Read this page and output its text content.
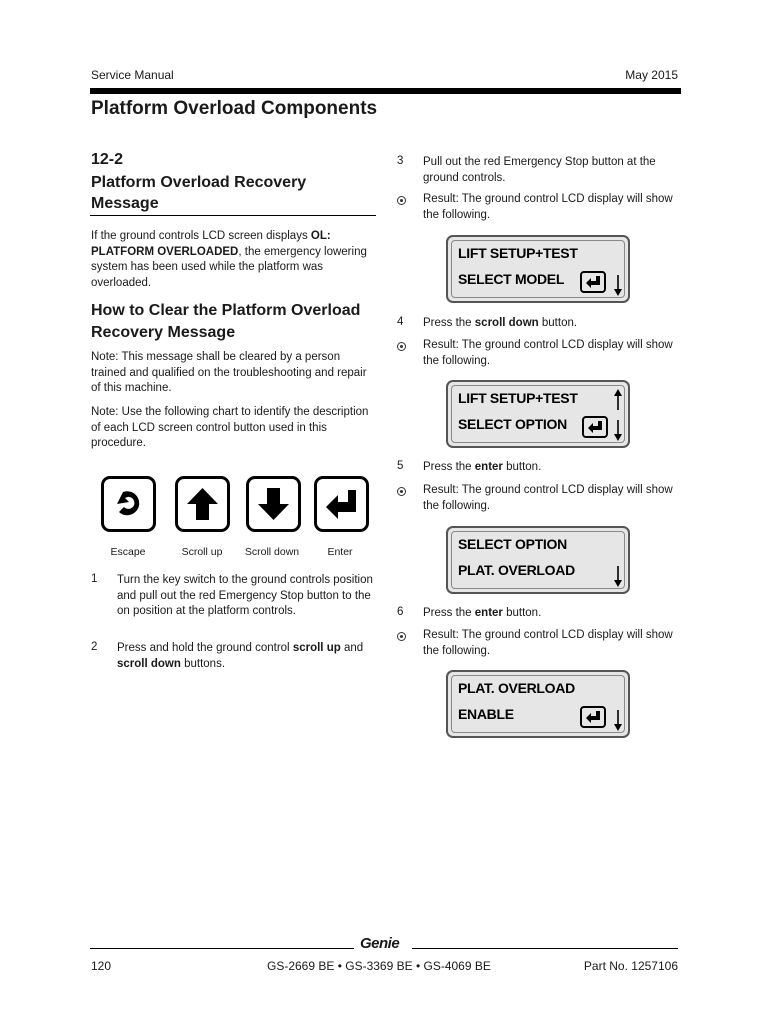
Service Manual	May 2015
Platform Overload Components
12-2
Platform Overload Recovery Message
If the ground controls LCD screen displays OL: PLATFORM OVERLOADED, the emergency lowering system has been used while the platform was overloaded.
How to Clear the Platform Overload Recovery Message
Note: This message shall be cleared by a person trained and qualified on the troubleshooting and repair of this machine.
Note: Use the following chart to identify the description of each LCD screen control button used in this procedure.
Escape	Scroll up	Scroll down	Enter
1 Turn the key switch to the ground controls position and pull out the red Emergency Stop button to the on position at the platform controls.
2 Press and hold the ground control scroll up and scroll down buttons.
3 Pull out the red Emergency Stop button at the ground controls.
Result: The ground control LCD display will show the following.
LIFT SETUP+TEST
SELECT MODEL
4 Press the scroll down button.
Result: The ground control LCD display will show the following.
LIFT SETUP+TEST
SELECT OPTION
5 Press the enter button.
Result: The ground control LCD display will show the following.
SELECT OPTION
PLAT. OVERLOAD
6 Press the enter button.
Result: The ground control LCD display will show the following.
PLAT. OVERLOAD
ENABLE
Genie
120	GS-2669 BE • GS-3369 BE • GS-4069 BE	Part No. 1257106
